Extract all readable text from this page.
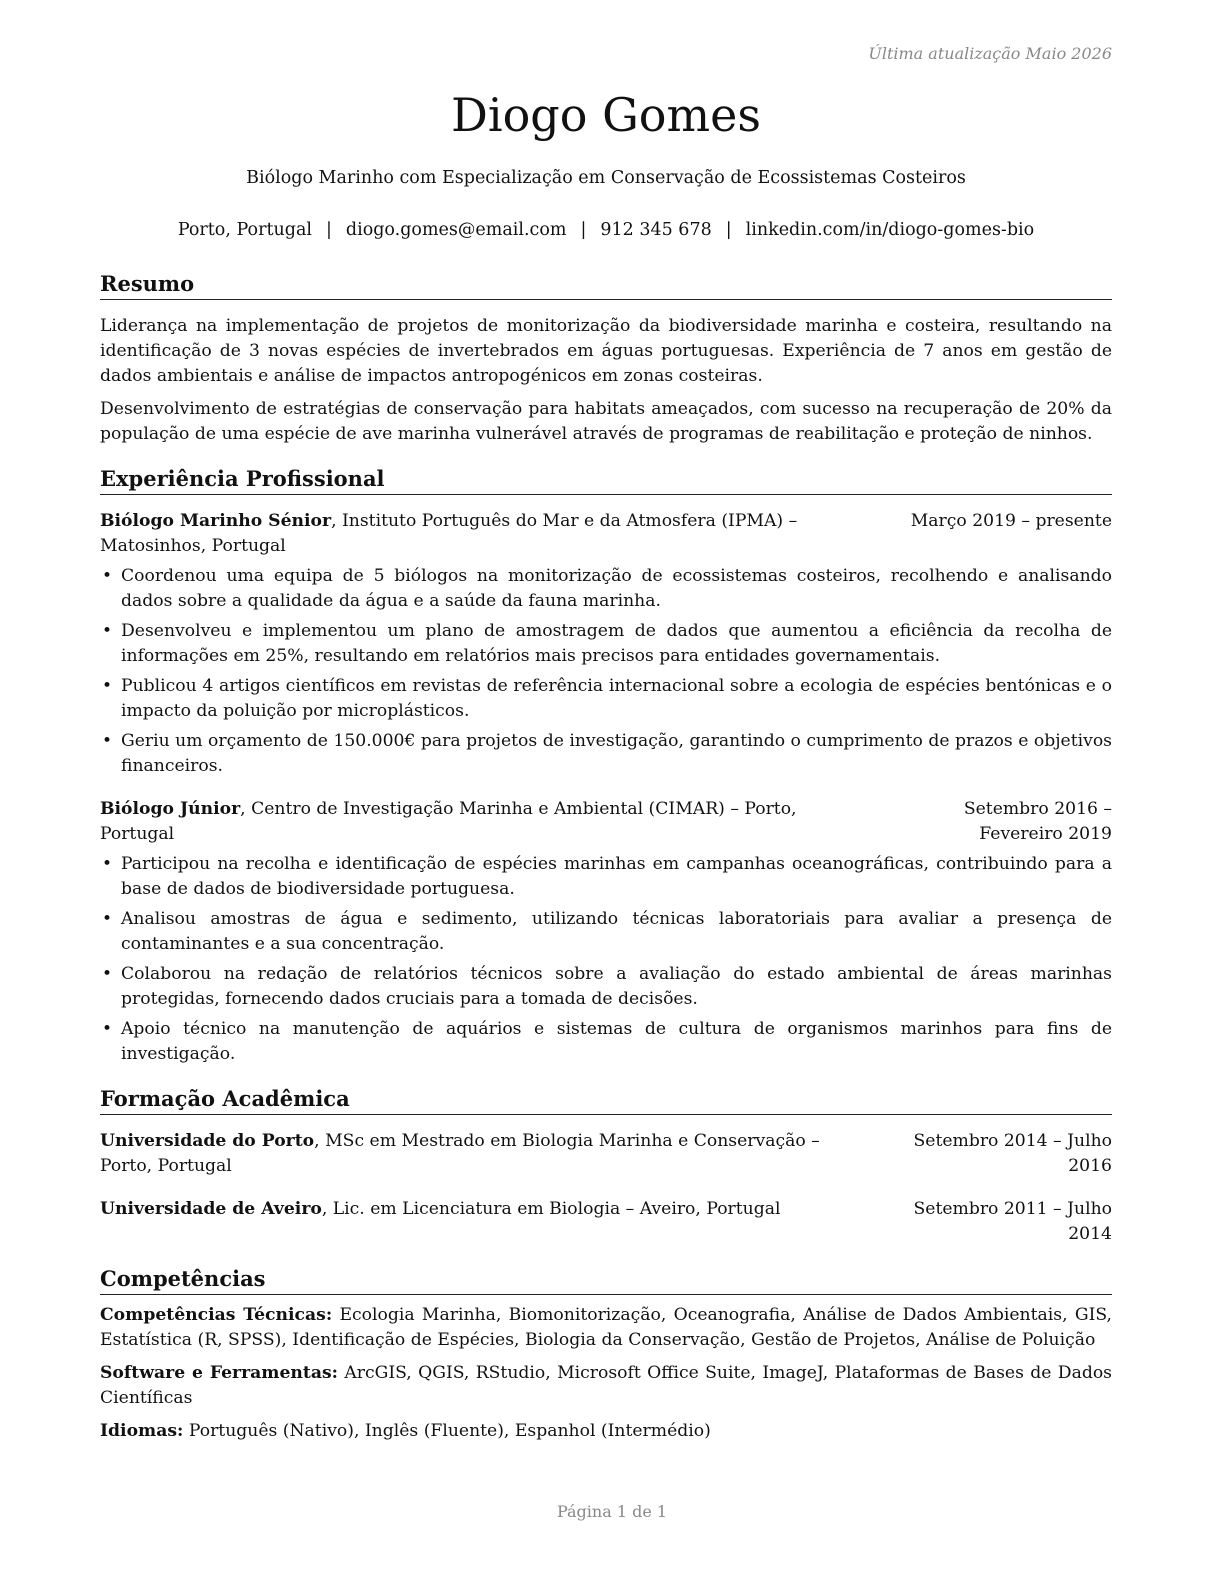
Última atualização Maio 2026
Diogo Gomes
Biólogo Marinho com Especialização em Conservação de Ecossistemas Costeiros
Porto, Portugal | diogo.gomes@email.com | 912 345 678 | linkedin.com/in/diogo-gomes-bio
Resumo

Liderança na implementação de projetos de monitorização da biodiversidade marinha e costeira, resultando na identificação de 3 novas espécies de invertebrados em águas portuguesas. Experiência de 7 anos em gestão de dados ambientais e análise de impactos antropogénicos em zonas costeiras.

Desenvolvimento de estratégias de conservação para habitats ameaçados, com sucesso na recuperação de 20% da população de uma espécie de ave marinha vulnerável através de programas de reabilitação e proteção de ninhos.

Experiência Profissional
Biólogo Marinho Sénior, Instituto Português do Mar e da Atmosfera (IPMA) – Matosinhos, Portugal
Março 2019 – presente
• Coordenou uma equipa de 5 biólogos na monitorização de ecossistemas costeiros, recolhendo e analisando dados sobre a qualidade da água e a saúde da fauna marinha.
• Desenvolveu e implementou um plano de amostragem de dados que aumentou a eficiência da recolha de informações em 25%, resultando em relatórios mais precisos para entidades governamentais.
• Publicou 4 artigos científicos em revistas de referência internacional sobre a ecologia de espécies bentónicas e o impacto da poluição por microplásticos.
• Geriu um orçamento de 150.000€ para projetos de investigação, garantindo o cumprimento de prazos e objetivos financeiros.
Biólogo Júnior, Centro de Investigação Marinha e Ambiental (CIMAR) – Porto, Portugal
Setembro 2016 – Fevereiro 2019
• Participou na recolha e identificação de espécies marinhas em campanhas oceanográficas, contribuindo para a base de dados de biodiversidade portuguesa.
• Analisou amostras de água e sedimento, utilizando técnicas laboratoriais para avaliar a presença de contaminantes e a sua concentração.
• Colaborou na redação de relatórios técnicos sobre a avaliação do estado ambiental de áreas marinhas protegidas, fornecendo dados cruciais para a tomada de decisões.
• Apoio técnico na manutenção de aquários e sistemas de cultura de organismos marinhos para fins de investigação.
Formação Acadêmica
Universidade do Porto, MSc em Mestrado em Biologia Marinha e Conservação – Porto, Portugal
Setembro 2014 – Julho 2016
Universidade de Aveiro, Lic. em Licenciatura em Biologia – Aveiro, Portugal	Setembro 2011 – Julho 2014
Competências

Competências Técnicas: Ecologia Marinha, Biomonitorização, Oceanografia, Análise de Dados Ambientais, GIS, Estatística (R, SPSS), Identificação de Espécies, Biologia da Conservação, Gestão de Projetos, Análise de Poluição

Software e Ferramentas: ArcGIS, QGIS, RStudio, Microsoft Office Suite, ImageJ, Plataformas de Bases de Dados Científicas

Idiomas: Português (Nativo), Inglês (Fluente), Espanhol (Intermédio)

Página 1 de 1
